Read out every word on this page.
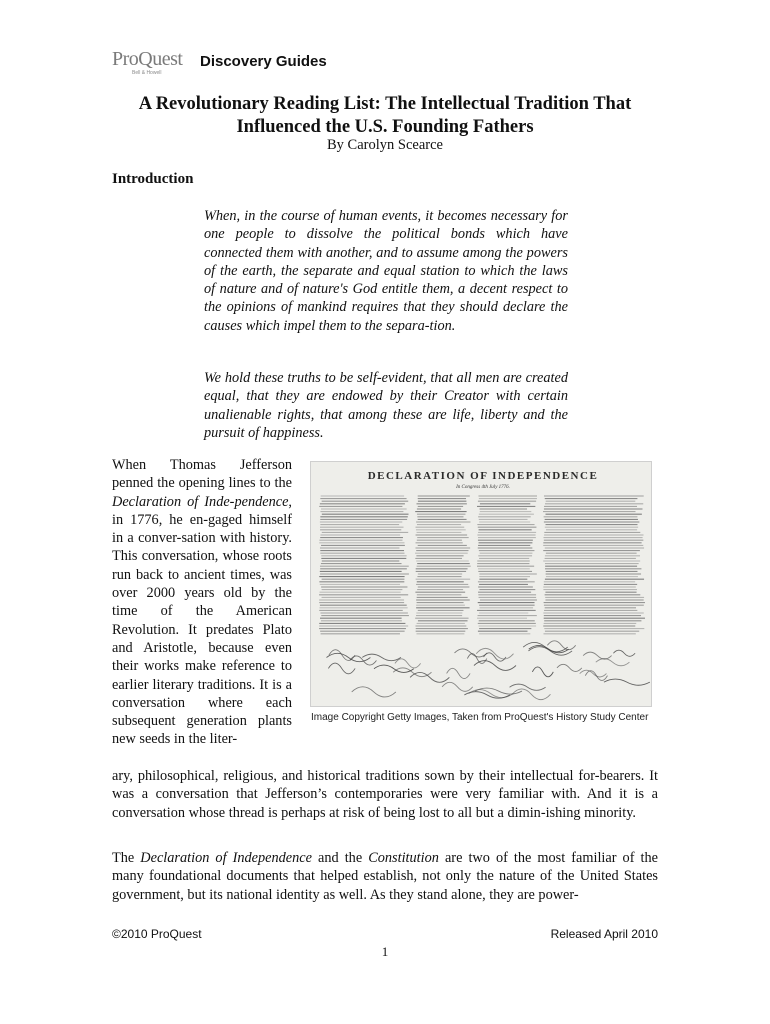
ProQuest
Bell & Howell
Discovery Guides
A Revolutionary Reading List: The Intellectual Tradition That Influenced the U.S. Founding Fathers
By Carolyn Scearce
Introduction

When, in the course of human events, it becomes necessary for one people to dissolve the political bonds which have connected them with another, and to assume among the powers of the earth, the separate and equal station to which the laws of nature and of nature's God entitle them, a decent respect to the opinions of mankind requires that they should declare the causes which impel them to the separa-tion.

We hold these truths to be self-evident, that all men are created equal, that they are endowed by their Creator with certain unalienable rights, that among these are life, liberty and the pursuit of happiness.

When Thomas Jefferson penned the opening lines to the Declaration of Inde-pendence, in 1776, he en-gaged himself in a conver-sation with history. This conversation, whose roots run back to ancient times, was over 2000 years old by the time of the American Revolution. It predates Plato and Aristotle, because even their works make reference to earlier literary traditions. It is a conversation where each subsequent generation plants new seeds in the liter-

DECLARATION OF INDEPENDENCE
In Congress 4th July 1776.
Image Copyright Getty Images, Taken from ProQuest's History Study Center

ary, philosophical, religious, and historical traditions sown by their intellectual for-bearers. It was a conversation that Jefferson’s contemporaries were very familiar with. And it is a conversation whose thread is perhaps at risk of being lost to all but a dimin-ishing minority.

The Declaration of Independence and the Constitution are two of the most familiar of the many foundational documents that helped establish, not only the nature of the United States government, but its national identity as well. As they stand alone, they are power-

©2010 ProQuest	Released April 2010
1
